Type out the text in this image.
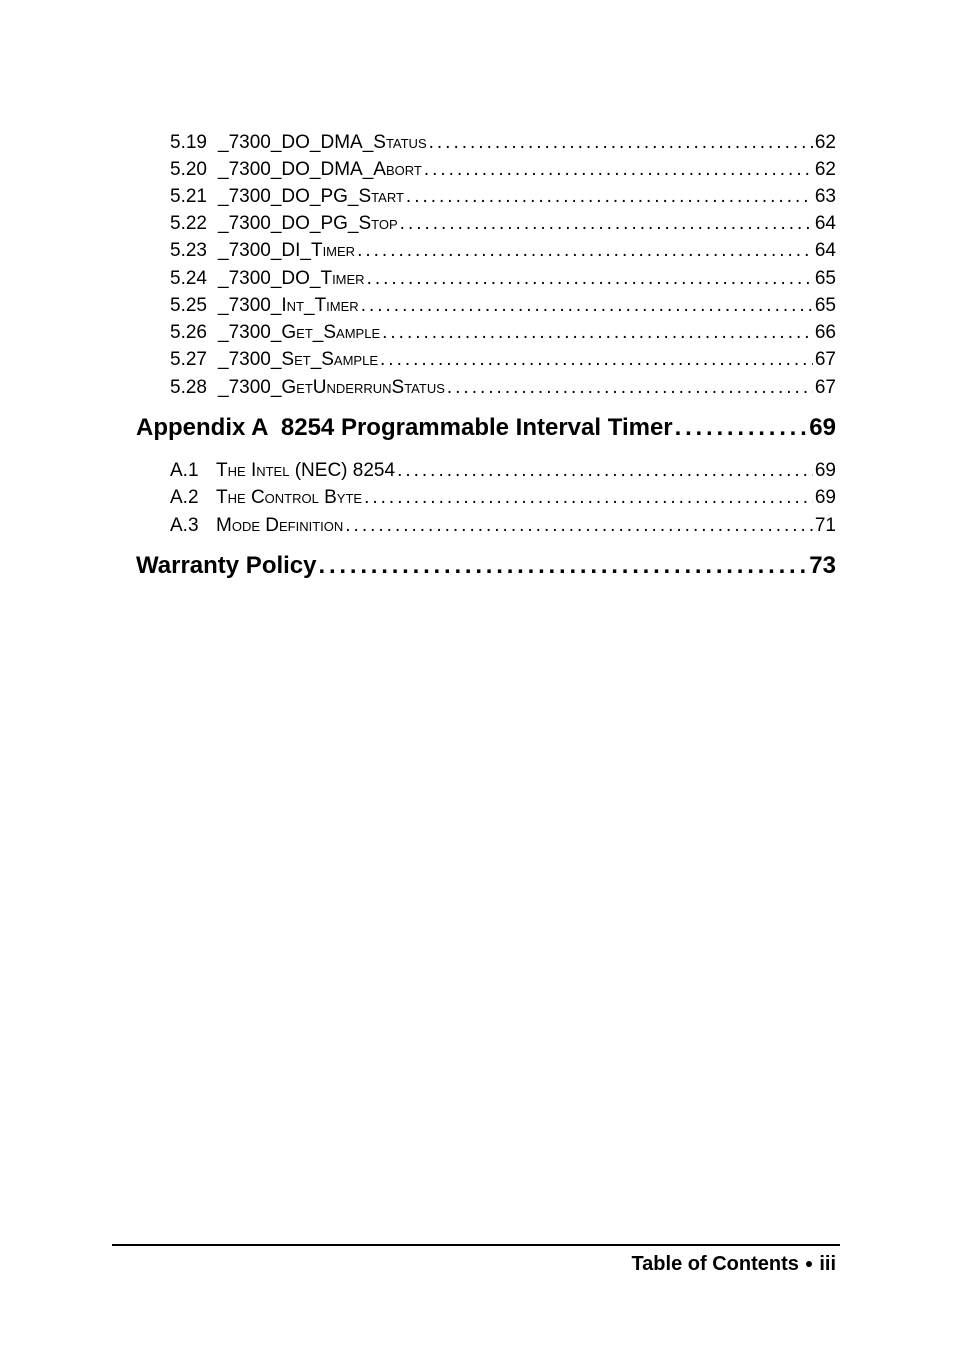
5.19 _7300_DO_DMA_Status . . .	62
5.20 _7300_DO_DMA_Abort . . .	62
5.21 _7300_DO_PG_Start . . .	63
5.22 _7300_DO_PG_Stop . . .	64
5.23 _7300_DI_Timer . . .	64
5.24 _7300_DO_Timer . . .	65
5.25 _7300_Int_Timer . . .	65
5.26 _7300_Get_Sample . . .	66
5.27 _7300_Set_Sample . . .	67
5.28 _7300_GetUnderrunStatus . . .	67
Appendix A  8254 Programmable Interval Timer . . .	69
A.1 The Intel (NEC) 8254 . . .	69
A.2 The Control Byte . . .	69
A.3 Mode Definition . . .	71
Warranty Policy . . .	73
Table of Contents ● iii
